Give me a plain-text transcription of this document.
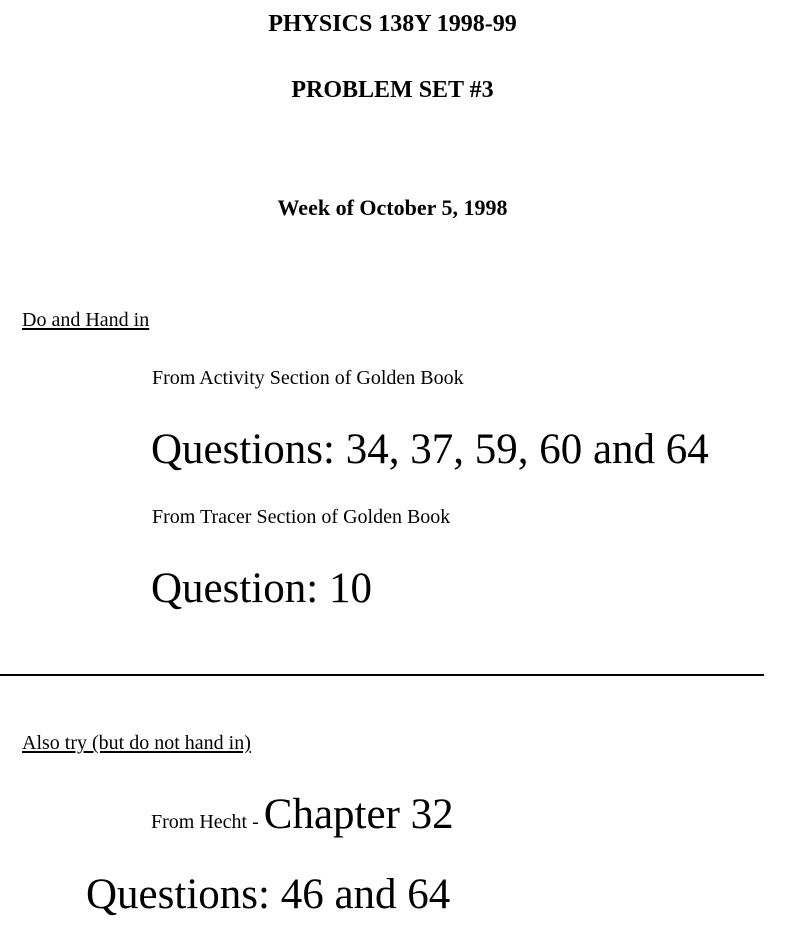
PHYSICS 138Y 1998-99
PROBLEM SET #3
Week of October 5, 1998
Do and Hand in
From Activity Section of Golden Book
Questions: 34, 37, 59, 60 and 64
From Tracer Section of Golden Book
Question: 10
Also try (but do not hand in)
From Hecht - Chapter 32
Questions: 46 and 64
